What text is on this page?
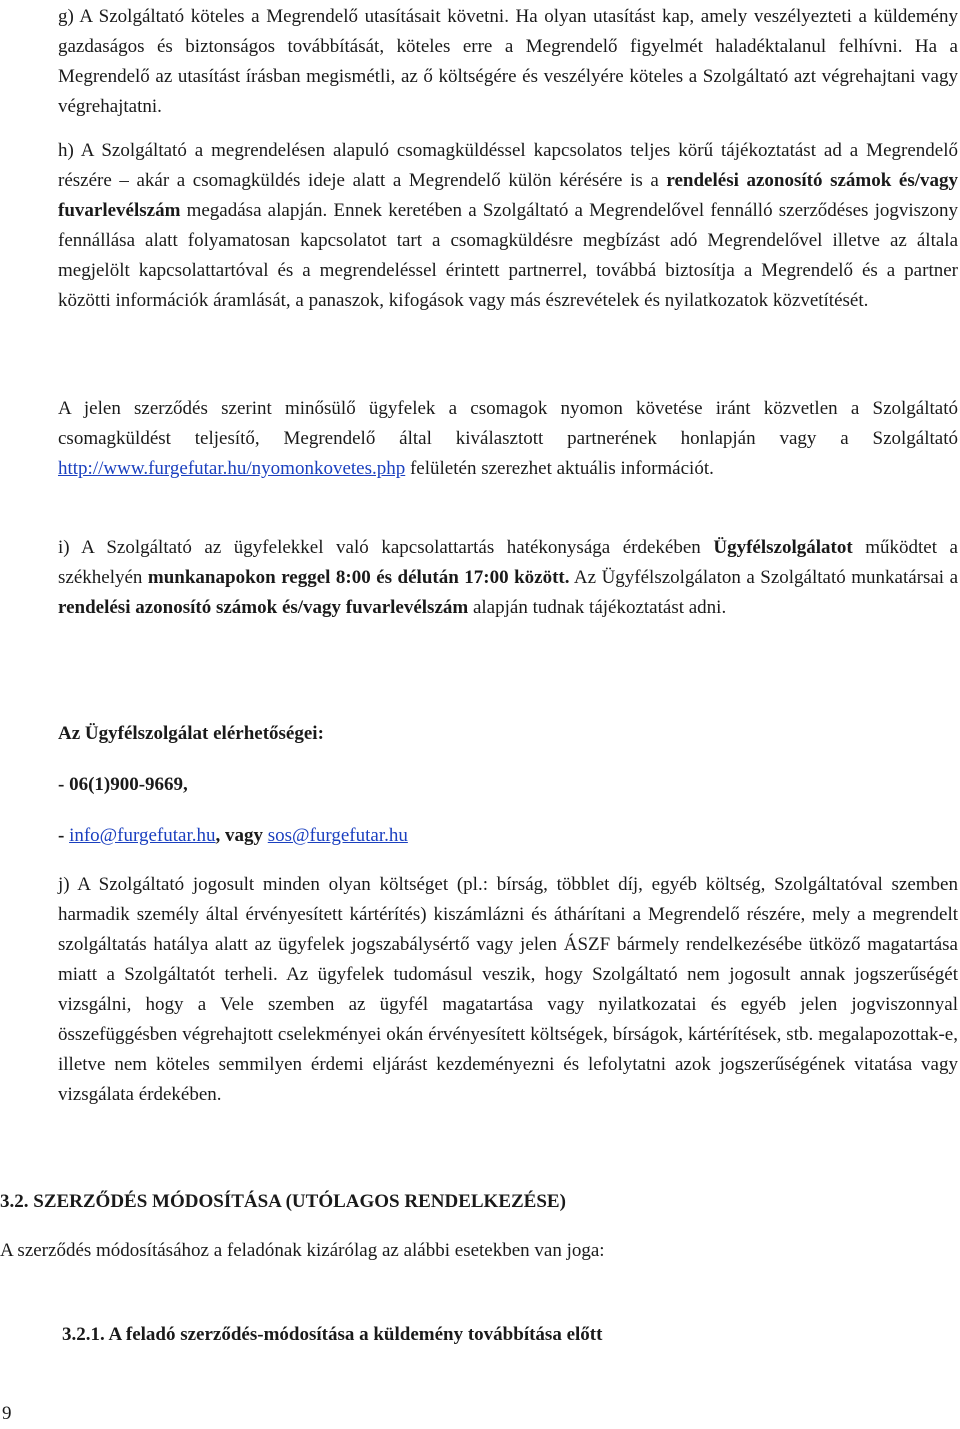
g) A Szolgáltató köteles a Megrendelő utasításait követni. Ha olyan utasítást kap, amely veszélyezteti a küldemény gazdaságos és biztonságos továbbítását, köteles erre a Megrendelő figyelmét haladéktalanul felhívni. Ha a Megrendelő az utasítást írásban megismétli, az ő költségére és veszélyére köteles a Szolgáltató azt végrehajtani vagy végrehajtatni.

h) A Szolgáltató a megrendelésen alapuló csomagküldéssel kapcsolatos teljes körű tájékoztatást ad a Megrendelő részére – akár a csomagküldés ideje alatt a Megrendelő külön kérésére is a rendelési azonosító számok és/vagy fuvarlevélszám megadása alapján. Ennek keretében a Szolgáltató a Megrendelővel fennálló szerződéses jogviszony fennállása alatt folyamatosan kapcsolatot tart a csomagküldésre megbízást adó Megrendelővel illetve az általa megjelölt kapcsolattartóval és a megrendeléssel érintett partnerrel, továbbá biztosítja a Megrendelő és a partner közötti információk áramlását, a panaszok, kifogások vagy más észrevételek és nyilatkozatok közvetítését.

A jelen szerződés szerint minősülő ügyfelek a csomagok nyomon követése iránt közvetlen a Szolgáltató csomagküldést teljesítő, Megrendelő által kiválasztott partnerének honlapján vagy a Szolgáltató http://www.furgefutar.hu/nyomonkovetes.php felületén szerezhet aktuális információt.

i) A Szolgáltató az ügyfelekkel való kapcsolattartás hatékonysága érdekében Ügyfélszolgálatot működtet a székhelyén munkanapokon reggel 8:00 és délután 17:00 között. Az Ügyfélszolgálaton a Szolgáltató munkatársai a rendelési azonosító számok és/vagy fuvarlevélszám alapján tudnak tájékoztatást adni.

Az Ügyfélszolgálat elérhetőségei:

- 06(1)900-9669,

- info@furgefutar.hu, vagy sos@furgefutar.hu

j) A Szolgáltató jogosult minden olyan költséget (pl.: bírság, többlet díj, egyéb költség, Szolgáltatóval szemben harmadik személy által érvényesített kártérítés) kiszámlázni és áthárítani a Megrendelő részére, mely a megrendelt szolgáltatás hatálya alatt az ügyfelek jogszabálysértő vagy jelen ÁSZF bármely rendelkezésébe ütköző magatartása miatt a Szolgáltatót terheli. Az ügyfelek tudomásul veszik, hogy Szolgáltató nem jogosult annak jogszerűségét vizsgálni, hogy a Vele szemben az ügyfél magatartása vagy nyilatkozatai és egyéb jelen jogviszonnyal összefüggésben végrehajtott cselekményei okán érvényesített költségek, bírságok, kártérítések, stb. megalapozottak-e, illetve nem köteles semmilyen érdemi eljárást kezdeményezni és lefolytatni azok jogszerűségének vitatása vagy vizsgálata érdekében.

3.2. SZERZŐDÉS MÓDOSÍTÁSA (UTÓLAGOS RENDELKEZÉSE)

A szerződés módosításához a feladónak kizárólag az alábbi esetekben van joga:

3.2.1. A feladó szerződés-módosítása a küldemény továbbítása előtt

9
